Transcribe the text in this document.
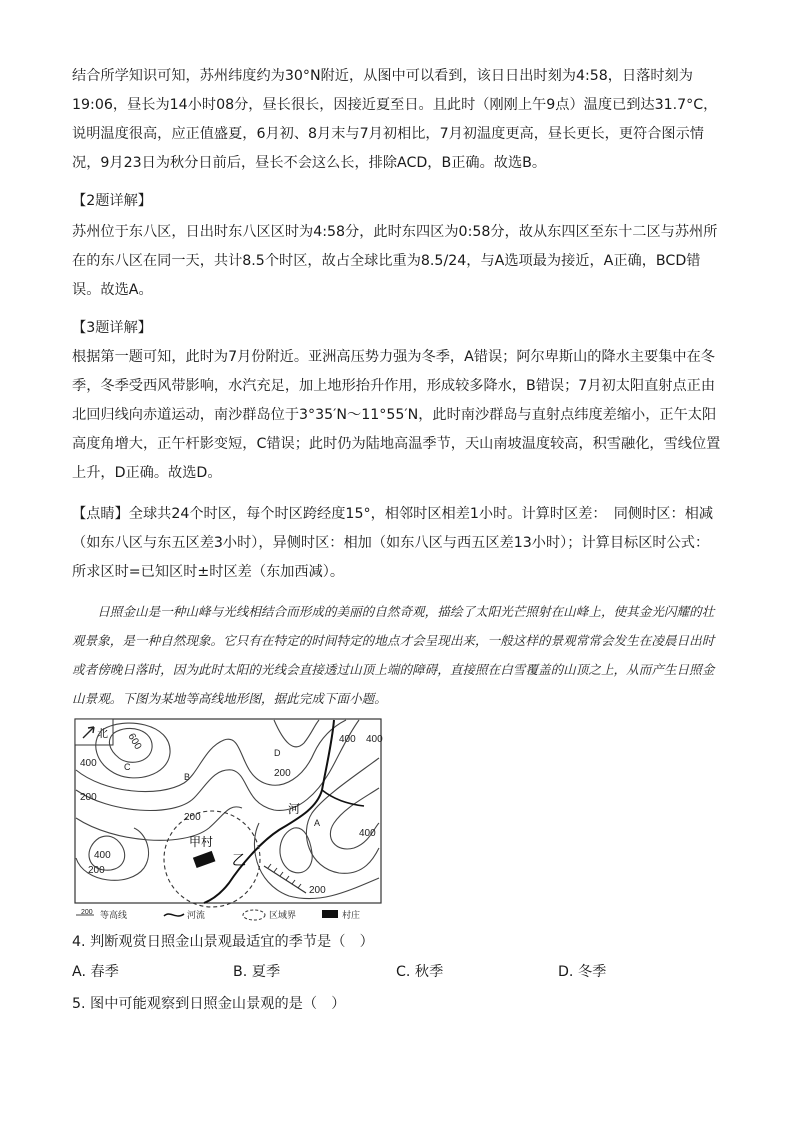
结合所学知识可知，苏州纬度约为30°N附近，从图中可以看到，该日日出时刻为4:58，日落时刻为19:06，昼长为14小时08分，昼长很长，因接近夏至日。且此时（刚刚上午9点）温度已到达31.7°C，说明温度很高，应正值盛夏，6月初、8月末与7月初相比，7月初温度更高，昼长更长，更符合图示情况，9月23日为秋分日前后，昼长不会这么长，排除ACD，B正确。故选B。

【2题详解】

苏州位于东八区，日出时东八区区时为4:58分，此时东四区为0:58分，故从东四区至东十二区与苏州所在的东八区在同一天，共计8.5个时区，故占全球比重为8.5/24，与A选项最为接近，A正确，BCD错误。故选A。

【3题详解】

根据第一题可知，此时为7月份附近。亚洲高压势力强为冬季，A错误；阿尔卑斯山的降水主要集中在冬季，冬季受西风带影响，水汽充足，加上地形抬升作用，形成较多降水，B错误；7月初太阳直射点正由北回归线向赤道运动，南沙群岛位于3°35′N～11°55′N，此时南沙群岛与直射点纬度差缩小，正午太阳高度角增大，正午杆影变短，C错误；此时仍为陆地高温季节，天山南坡温度较高，积雪融化，雪线位置上升，D正确。故选D。

【点睛】全球共24个时区，每个时区跨经度15°，相邻时区相差1小时。计算时区差：　同侧时区：相减（如东八区与东五区差3小时），异侧时区：相加（如东八区与西五区差13小时）；计算目标区时公式：所求区时=已知区时±时区差（东加西减）。

日照金山是一种山峰与光线相结合而形成的美丽的自然奇观，描绘了太阳光芒照射在山峰上，使其金光闪耀的壮观景象，是一种自然现象。它只有在特定的时间特定的地点才会呈现出来，一般这样的景观常常会发生在凌晨日出时或者傍晚日落时，因为此时太阳的光线会直接透过山顶上端的障碍，直接照在白雪覆盖的山顶之上，从而产生日照金山景观。下图为某地等高线地形图，据此完成下面小题。

北 600
400
400
200
400
200
200
400
200
400
200
C
B
D
A
河
甲村
乙
200 等高线	河流	区域界	村庄

4. 判断观赏日照金山景观最适宜的季节是（　）

A. 春季	B. 夏季	C. 秋季	D. 冬季

5. 图中可能观察到日照金山景观的是（　）
